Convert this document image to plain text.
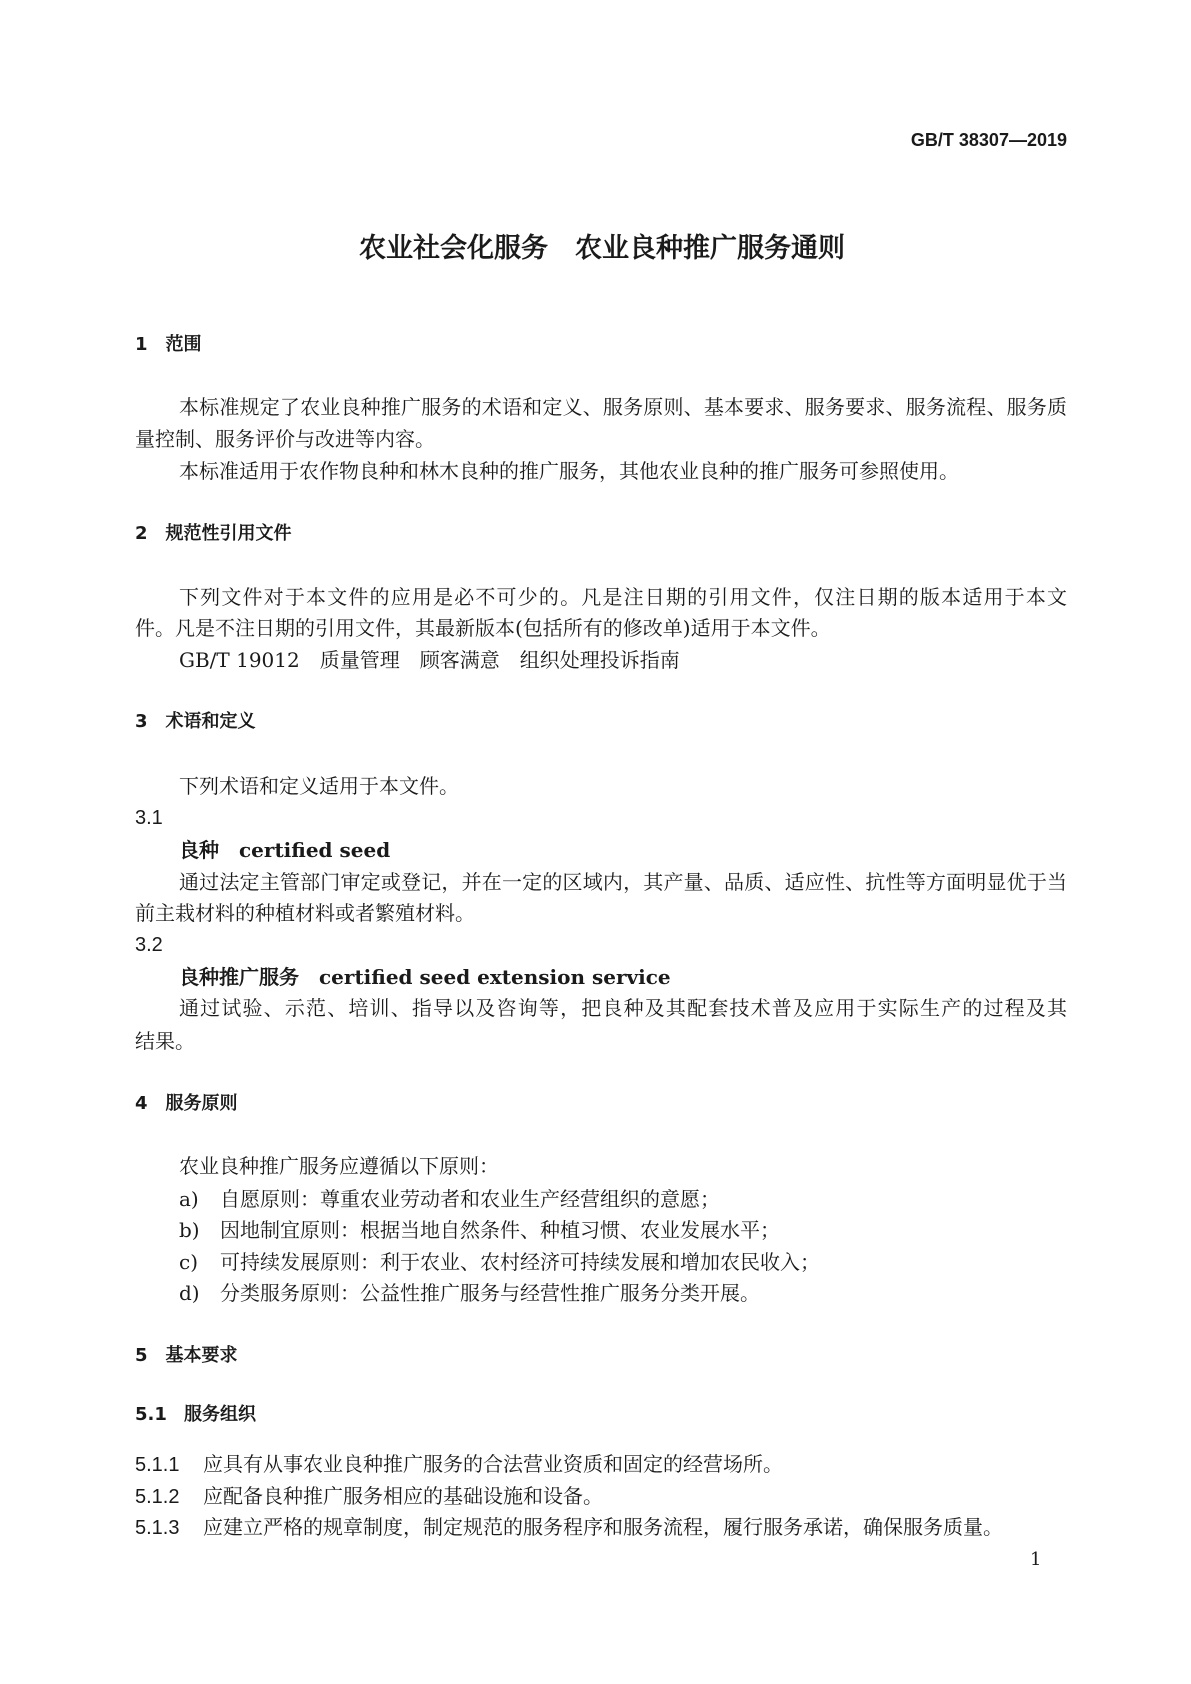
GB/T 38307—2019
农业社会化服务　农业良种推广服务通则
1　 范围
本标准规定了农业良种推广服务的术语和定义、服务原则、基本要求、服务要求、服务流程、服务质
量控制、服务评价与改进等内容。
本标准适用于农作物良种和林木良种的推广服务，其他农业良种的推广服务可参照使用。
2　 规范性引用文件
下列文件对于本文件的应用是必不可少的。凡是注日期的引用文件，仅注日期的版本适用于本文
件。凡是不注日期的引用文件，其最新版本(包括所有的修改单)适用于本文件。
GB/T 19012　质量管理　顾客满意　组织处理投诉指南
3　 术语和定义
下列术语和定义适用于本文件。
3.1
良种　certified seed
通过法定主管部门审定或登记，并在一定的区域内，其产量、品质、适应性、抗性等方面明显优于当
前主栽材料的种植材料或者繁殖材料。
3.2
良种推广服务　certified seed extension service
通过试验、示范、培训、指导以及咨询等，把良种及其配套技术普及应用于实际生产的过程及其
结果。
4　 服务原则
农业良种推广服务应遵循以下原则：
a) 自愿原则：尊重农业劳动者和农业生产经营组织的意愿；
b) 因地制宜原则：根据当地自然条件、种植习惯、农业发展水平；
c) 可持续发展原则：利于农业、农村经济可持续发展和增加农民收入；
d) 分类服务原则：公益性推广服务与经营性推广服务分类开展。
5　 基本要求
5.1 服务组织
5.1.1 应具有从事农业良种推广服务的合法营业资质和固定的经营场所。
5.1.2 应配备良种推广服务相应的基础设施和设备。
5.1.3 应建立严格的规章制度，制定规范的服务程序和服务流程，履行服务承诺，确保服务质量。
1
